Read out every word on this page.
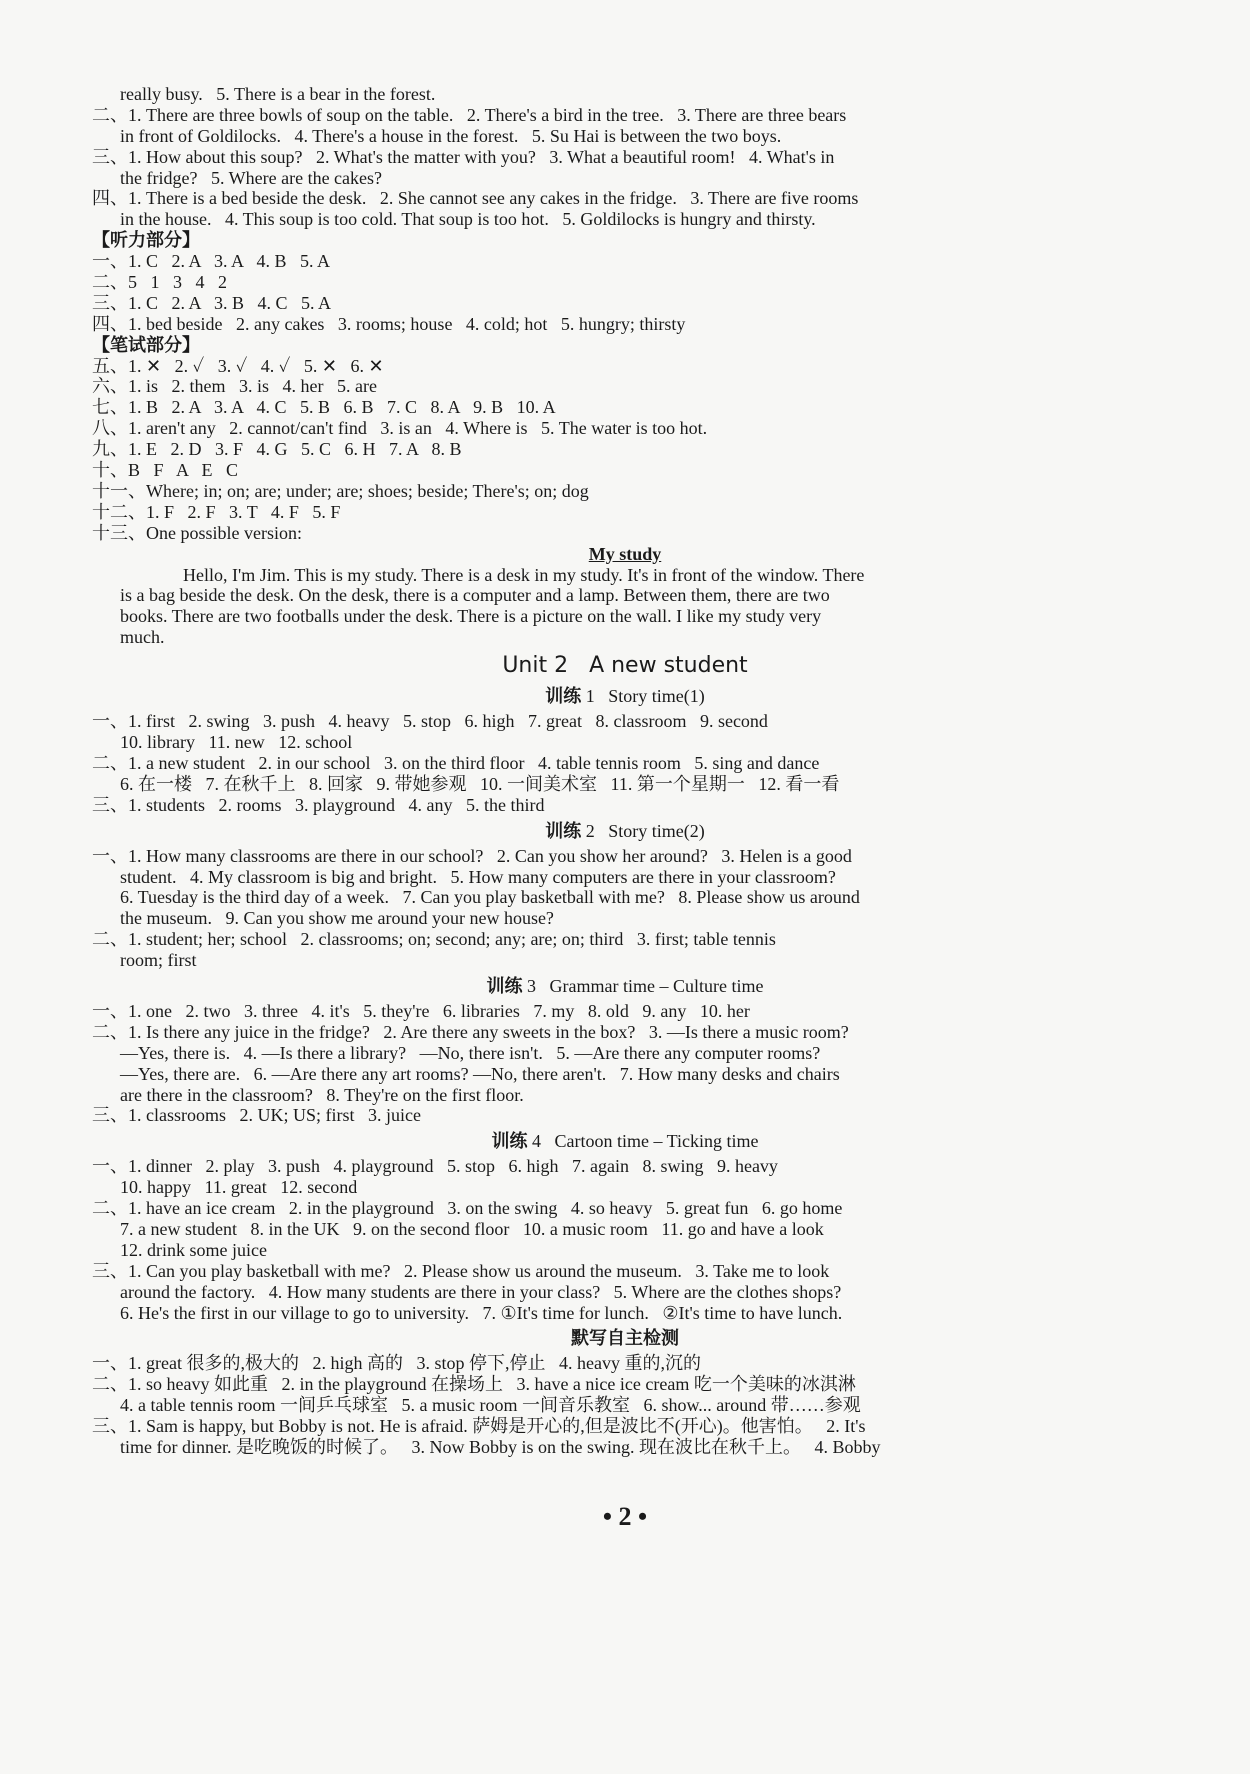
really busy.   5. There is a bear in the forest.
二、1. There are three bowls of soup on the table.   2. There's a bird in the tree.   3. There are three bears
in front of Goldilocks.   4. There's a house in the forest.   5. Su Hai is between the two boys.
三、1. How about this soup?   2. What's the matter with you?   3. What a beautiful room!   4. What's in
the fridge?   5. Where are the cakes?
四、1. There is a bed beside the desk.   2. She cannot see any cakes in the fridge.   3. There are five rooms
in the house.   4. This soup is too cold. That soup is too hot.   5. Goldilocks is hungry and thirsty.
【听力部分】
一、1. C   2. A   3. A   4. B   5. A
二、5   1   3   4   2
三、1. C   2. A   3. B   4. C   5. A
四、1. bed beside   2. any cakes   3. rooms; house   4. cold; hot   5. hungry; thirsty
【笔试部分】
五、1. ✕   2. ✓   3. ✓   4. ✓   5. ✕   6. ✕
六、1. is   2. them   3. is   4. her   5. are
七、1. B   2. A   3. A   4. C   5. B   6. B   7. C   8. A   9. B   10. A
八、1. aren't any   2. cannot/can't find   3. is an   4. Where is   5. The water is too hot.
九、1. E   2. D   3. F   4. G   5. C   6. H   7. A   8. B
十、B   F   A   E   C
十一、Where; in; on; are; under; are; shoes; beside; There's; on; dog
十二、1. F   2. F   3. T   4. F   5. F
十三、One possible version:
My study
Hello, I'm Jim. This is my study. There is a desk in my study. It's in front of the window. There
is a bag beside the desk. On the desk, there is a computer and a lamp. Between them, there are two
books. There are two footballs under the desk. There is a picture on the wall. I like my study very
much.
Unit 2   A new student
训练 1   Story time(1)
一、1. first   2. swing   3. push   4. heavy   5. stop   6. high   7. great   8. classroom   9. second
10. library   11. new   12. school
二、1. a new student   2. in our school   3. on the third floor   4. table tennis room   5. sing and dance
6. 在一楼   7. 在秋千上   8. 回家   9. 带她参观   10. 一间美术室   11. 第一个星期一   12. 看一看
三、1. students   2. rooms   3. playground   4. any   5. the third
训练 2   Story time(2)
一、1. How many classrooms are there in our school?   2. Can you show her around?   3. Helen is a good
student.   4. My classroom is big and bright.   5. How many computers are there in your classroom?
6. Tuesday is the third day of a week.   7. Can you play basketball with me?   8. Please show us around
the museum.   9. Can you show me around your new house?
二、1. student; her; school   2. classrooms; on; second; any; are; on; third   3. first; table tennis
room; first
训练 3   Grammar time – Culture time
一、1. one   2. two   3. three   4. it's   5. they're   6. libraries   7. my   8. old   9. any   10. her
二、1. Is there any juice in the fridge?   2. Are there any sweets in the box?   3. —Is there a music room?
—Yes, there is.   4. —Is there a library?   —No, there isn't.   5. —Are there any computer rooms?
—Yes, there are.   6. —Are there any art rooms? —No, there aren't.   7. How many desks and chairs
are there in the classroom?   8. They're on the first floor.
三、1. classrooms   2. UK; US; first   3. juice
训练 4   Cartoon time – Ticking time
一、1. dinner   2. play   3. push   4. playground   5. stop   6. high   7. again   8. swing   9. heavy
10. happy   11. great   12. second
二、1. have an ice cream   2. in the playground   3. on the swing   4. so heavy   5. great fun   6. go home
7. a new student   8. in the UK   9. on the second floor   10. a music room   11. go and have a look
12. drink some juice
三、1. Can you play basketball with me?   2. Please show us around the museum.   3. Take me to look
around the factory.   4. How many students are there in your class?   5. Where are the clothes shops?
6. He's the first in our village to go to university.   7. ①It's time for lunch.   ②It's time to have lunch.
默写自主检测
一、1. great 很多的,极大的   2. high 高的   3. stop 停下,停止   4. heavy 重的,沉的
二、1. so heavy 如此重   2. in the playground 在操场上   3. have a nice ice cream 吃一个美味的冰淇淋
4. a table tennis room 一间乒乓球室   5. a music room 一间音乐教室   6. show... around 带……参观
三、1. Sam is happy, but Bobby is not. He is afraid. 萨姆是开心的,但是波比不(开心)。他害怕。   2. It's
time for dinner. 是吃晚饭的时候了。   3. Now Bobby is on the swing. 现在波比在秋千上。   4. Bobby
• 2 •
